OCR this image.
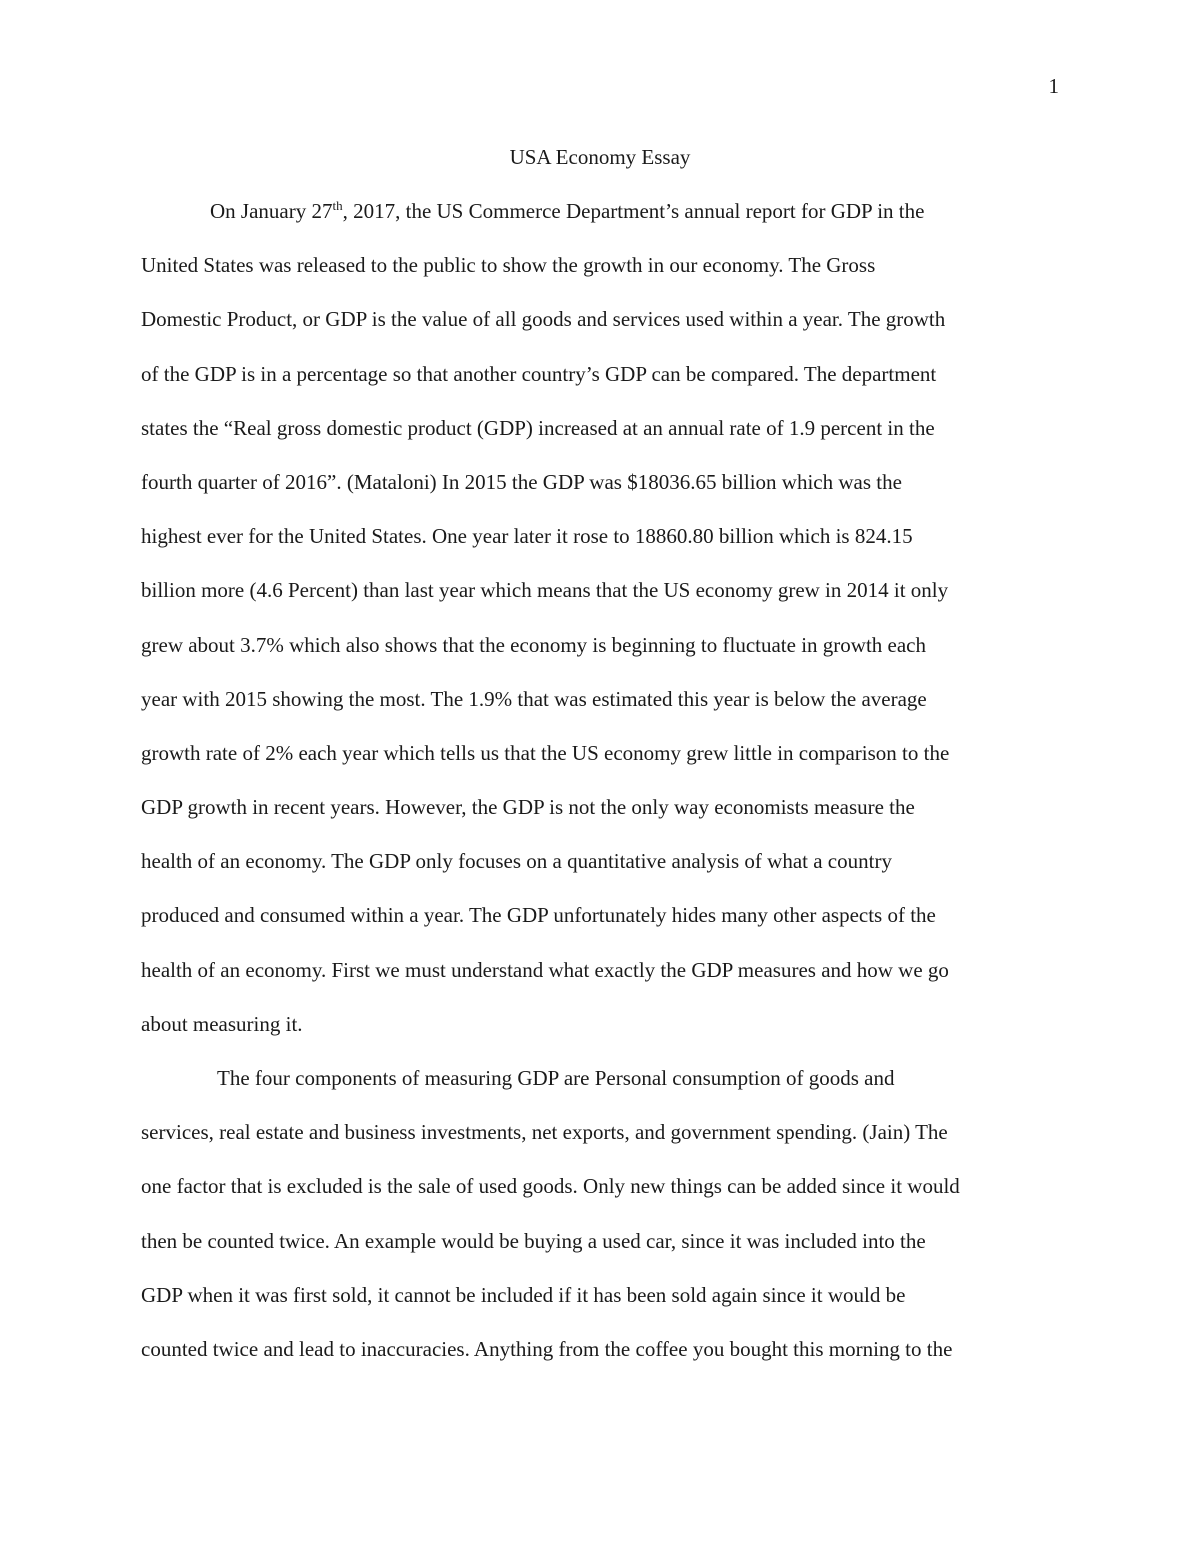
1
USA Economy Essay
On January 27th, 2017, the US Commerce Department’s annual report for GDP in the
United States was released to the public to show the growth in our economy. The Gross
Domestic Product, or GDP is the value of all goods and services used within a year. The growth
of the GDP is in a percentage so that another country’s GDP can be compared. The department
states the “Real gross domestic product (GDP) increased at an annual rate of 1.9 percent in the
fourth quarter of 2016”. (Mataloni) In 2015 the GDP was $18036.65 billion which was the
highest ever for the United States. One year later it rose to 18860.80 billion which is 824.15
billion more (4.6 Percent) than last year which means that the US economy grew in 2014 it only
grew about 3.7% which also shows that the economy is beginning to fluctuate in growth each
year with 2015 showing the most. The 1.9% that was estimated this year is below the average
growth rate of 2% each year which tells us that the US economy grew little in comparison to the
GDP growth in recent years. However, the GDP is not the only way economists measure the
health of an economy. The GDP only focuses on a quantitative analysis of what a country
produced and consumed within a year. The GDP unfortunately hides many other aspects of the
health of an economy. First we must understand what exactly the GDP measures and how we go
about measuring it.
The four components of measuring GDP are Personal consumption of goods and
services, real estate and business investments, net exports, and government spending. (Jain) The
one factor that is excluded is the sale of used goods. Only new things can be added since it would
then be counted twice. An example would be buying a used car, since it was included into the
GDP when it was first sold, it cannot be included if it has been sold again since it would be
counted twice and lead to inaccuracies. Anything from the coffee you bought this morning to the
